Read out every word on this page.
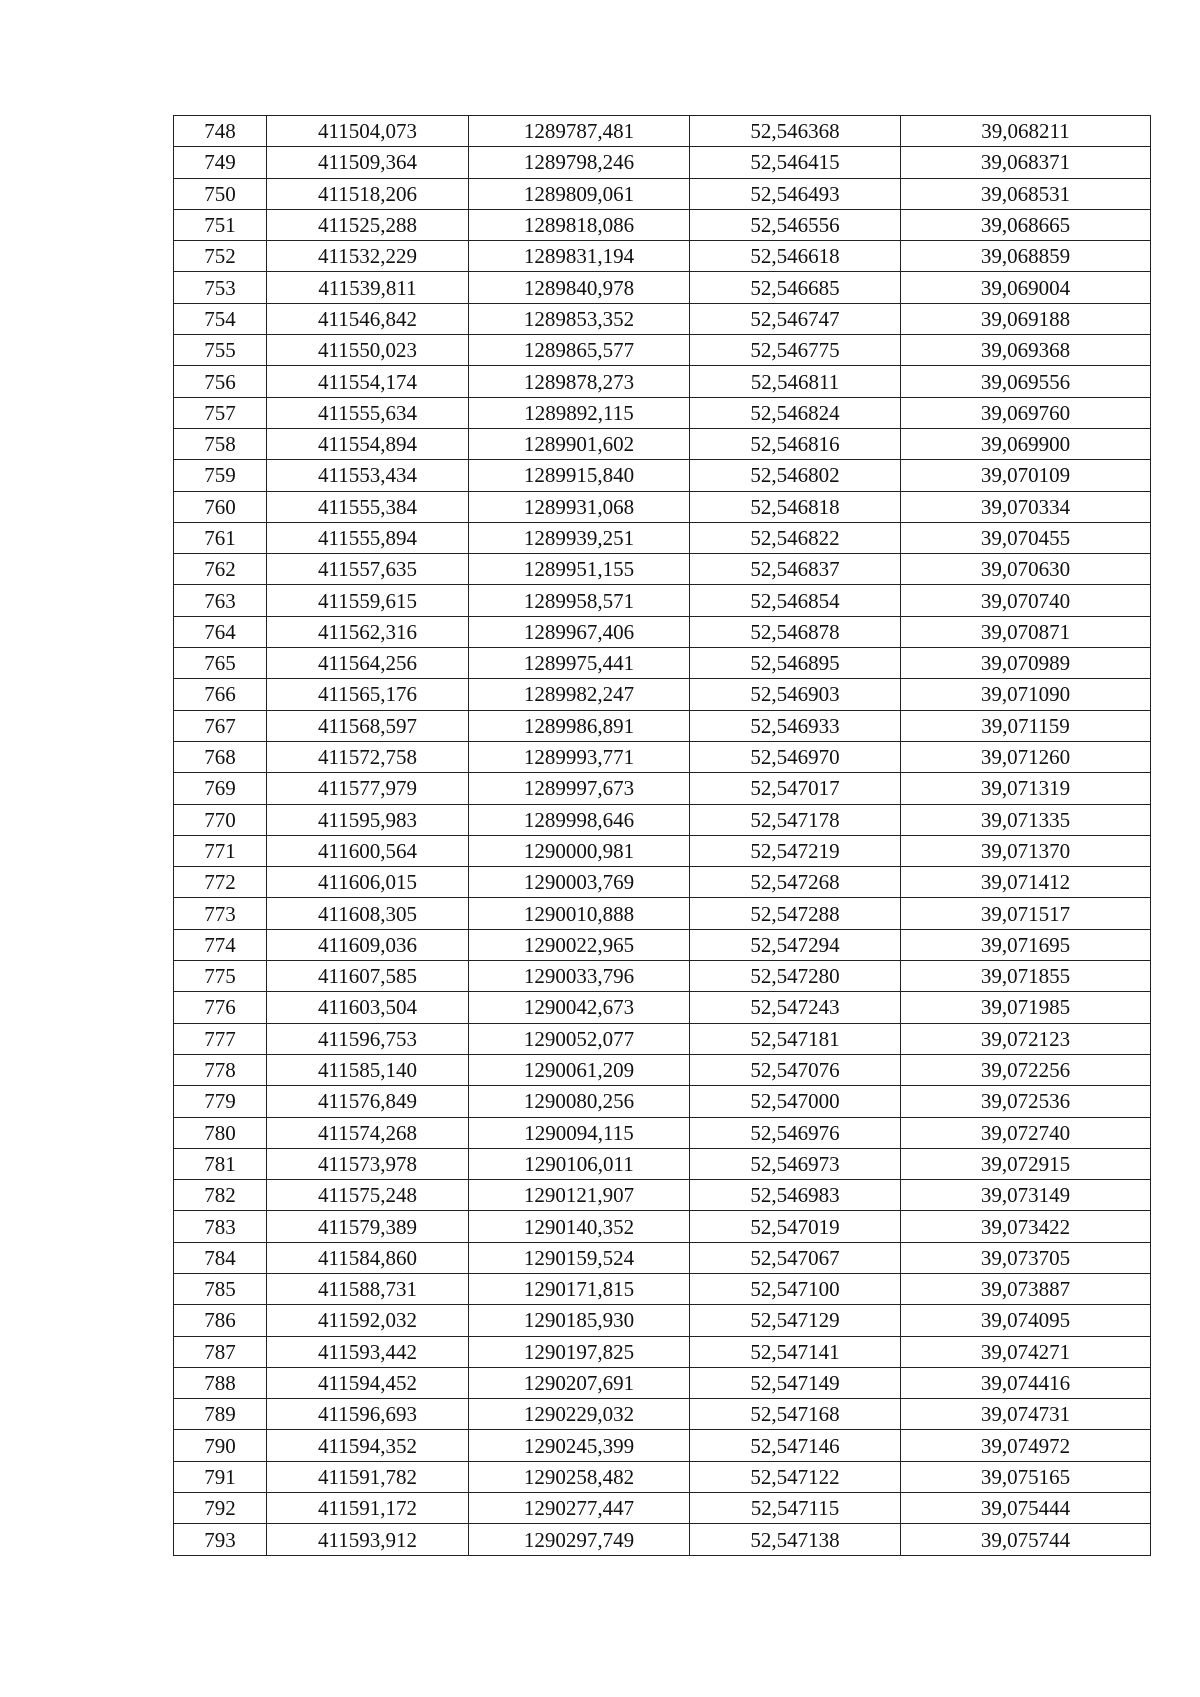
748	411504,073	1289787,481	52,546368	39,068211
749	411509,364	1289798,246	52,546415	39,068371
750	411518,206	1289809,061	52,546493	39,068531
751	411525,288	1289818,086	52,546556	39,068665
752	411532,229	1289831,194	52,546618	39,068859
753	411539,811	1289840,978	52,546685	39,069004
754	411546,842	1289853,352	52,546747	39,069188
755	411550,023	1289865,577	52,546775	39,069368
756	411554,174	1289878,273	52,546811	39,069556
757	411555,634	1289892,115	52,546824	39,069760
758	411554,894	1289901,602	52,546816	39,069900
759	411553,434	1289915,840	52,546802	39,070109
760	411555,384	1289931,068	52,546818	39,070334
761	411555,894	1289939,251	52,546822	39,070455
762	411557,635	1289951,155	52,546837	39,070630
763	411559,615	1289958,571	52,546854	39,070740
764	411562,316	1289967,406	52,546878	39,070871
765	411564,256	1289975,441	52,546895	39,070989
766	411565,176	1289982,247	52,546903	39,071090
767	411568,597	1289986,891	52,546933	39,071159
768	411572,758	1289993,771	52,546970	39,071260
769	411577,979	1289997,673	52,547017	39,071319
770	411595,983	1289998,646	52,547178	39,071335
771	411600,564	1290000,981	52,547219	39,071370
772	411606,015	1290003,769	52,547268	39,071412
773	411608,305	1290010,888	52,547288	39,071517
774	411609,036	1290022,965	52,547294	39,071695
775	411607,585	1290033,796	52,547280	39,071855
776	411603,504	1290042,673	52,547243	39,071985
777	411596,753	1290052,077	52,547181	39,072123
778	411585,140	1290061,209	52,547076	39,072256
779	411576,849	1290080,256	52,547000	39,072536
780	411574,268	1290094,115	52,546976	39,072740
781	411573,978	1290106,011	52,546973	39,072915
782	411575,248	1290121,907	52,546983	39,073149
783	411579,389	1290140,352	52,547019	39,073422
784	411584,860	1290159,524	52,547067	39,073705
785	411588,731	1290171,815	52,547100	39,073887
786	411592,032	1290185,930	52,547129	39,074095
787	411593,442	1290197,825	52,547141	39,074271
788	411594,452	1290207,691	52,547149	39,074416
789	411596,693	1290229,032	52,547168	39,074731
790	411594,352	1290245,399	52,547146	39,074972
791	411591,782	1290258,482	52,547122	39,075165
792	411591,172	1290277,447	52,547115	39,075444
793	411593,912	1290297,749	52,547138	39,075744
